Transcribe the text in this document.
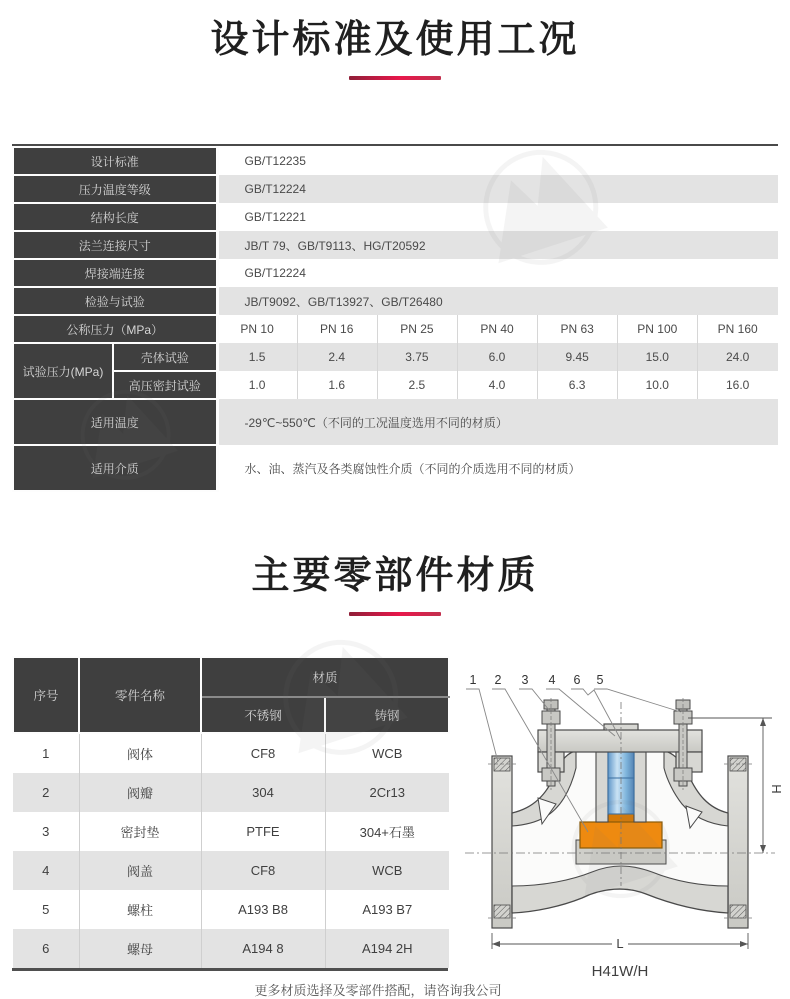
设计标准及使用工况
设计标准		GB/T12235						
压力温度等级		GB/T12224						
结构长度		GB/T12221						
法兰连接尺寸		JB/T 79、GB/T9113、HG/T20592						
焊接端连接		GB/T12224						
检验与试验		JB/T9092、GB/T13927、GB/T26480						
公称压力（MPa）		PN 10	PN 16	PN 25	PN 40	PN 63	PN 100	PN 160
试验压力(MPa)	壳体试验	1.5	2.4	3.75	6.0	9.45	15.0	24.0
	高压密封试验	1.0	1.6	2.5	4.0	6.3	10.0	16.0
适用温度		-29℃~550℃（不同的工况温度选用不同的材质）						
适用介质		水、油、蒸汽及各类腐蚀性介质（不同的介质选用不同的材质）						
主要零部件材质
序号	零件名称	材质	
		不锈钢	铸钢
1	阀体	CF8	WCB
2	阀瓣	304	2Cr13
3	密封垫	PTFE	304+石墨
4	阀盖	CF8	WCB
5	螺柱	A193 B8	A193 B7
6	螺母	A194 8	A194 2H
更多材质选择及零部件搭配，请咨询我公司
H
L
1 2 3 4 6 5
H41W/H
